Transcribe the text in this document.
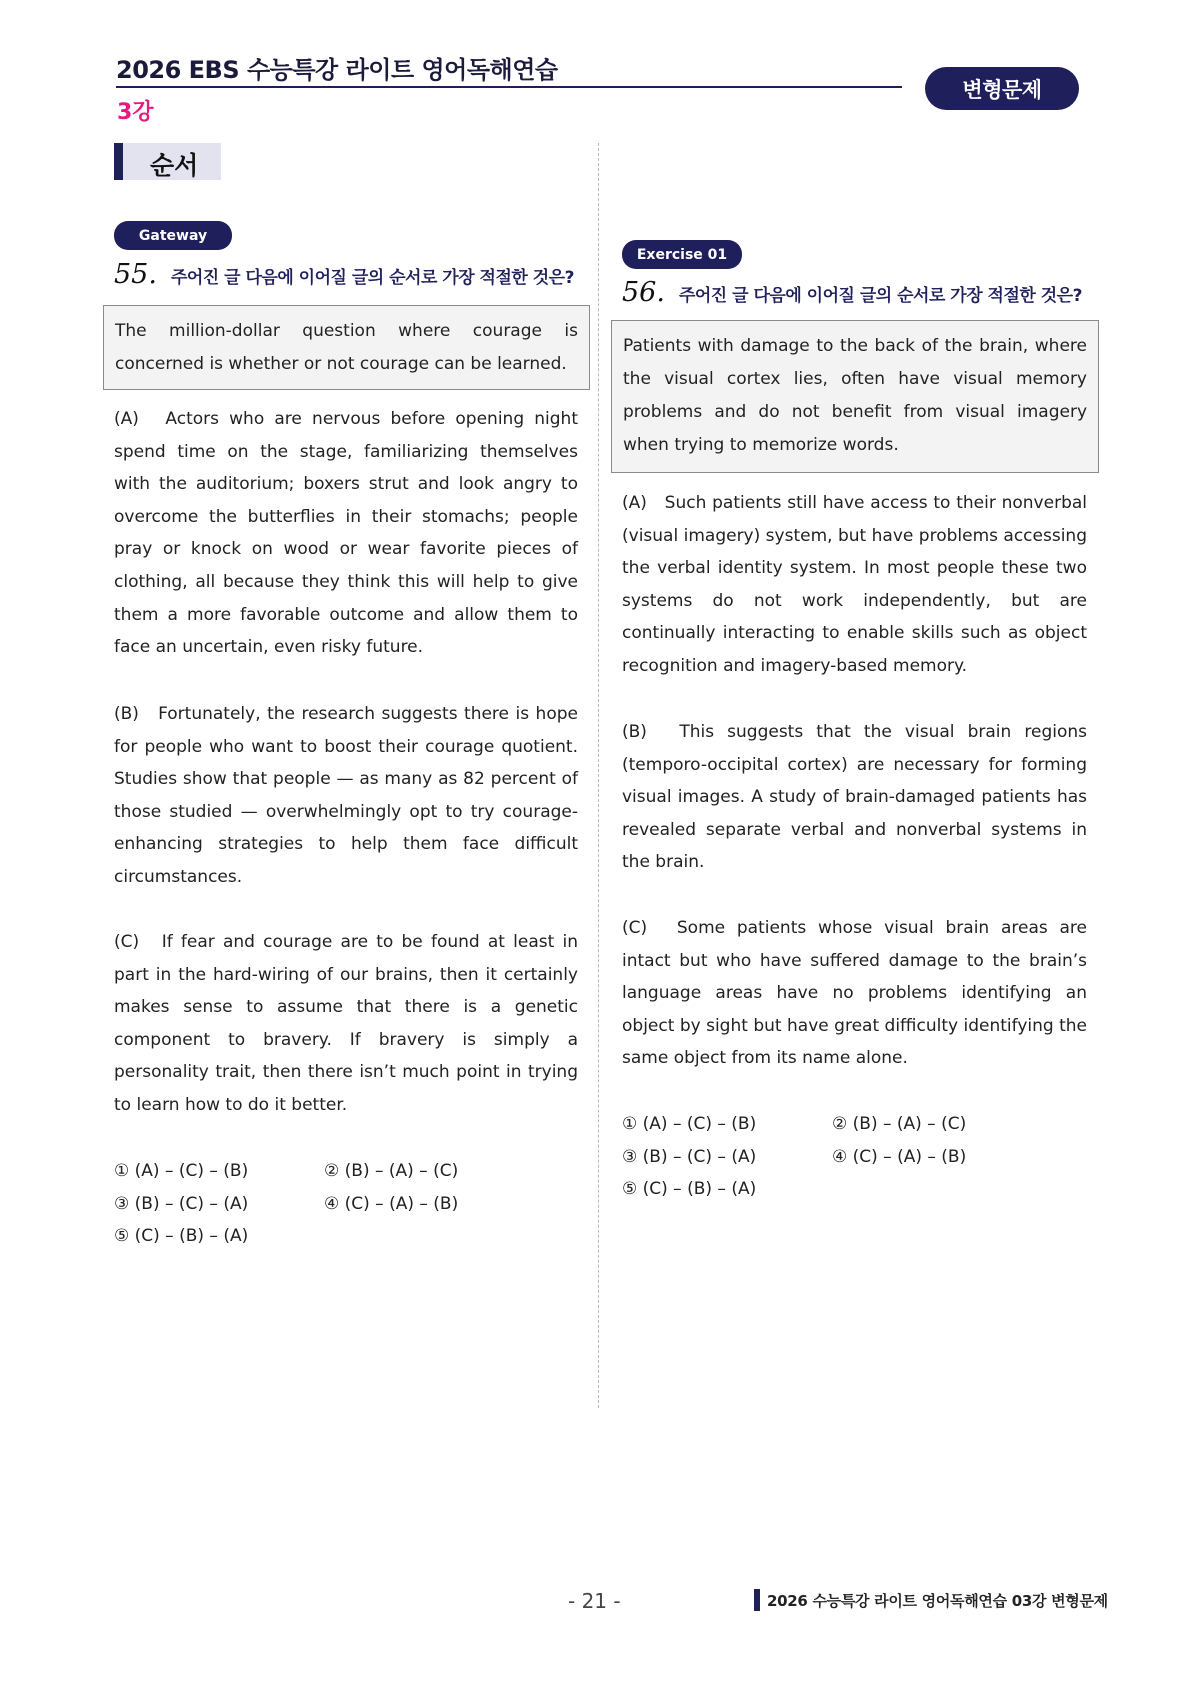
2026 EBS 수능특강 라이트 영어독해연습
3강
변형문제
순서
Gateway
55. 주어진 글 다음에 이어질 글의 순서로 가장 적절한 것은?
The million-dollar question where courage is concerned is whether or not courage can be learned.
(A)　Actors who are nervous before opening night spend time on the stage, familiarizing themselves with the auditorium; boxers strut and look angry to overcome the butterflies in their stomachs; people pray or knock on wood or wear favorite pieces of clothing, all because they think this will help to give them a more favorable outcome and allow them to face an uncertain, even risky future.
(B)　Fortunately, the research suggests there is hope for people who want to boost their courage quotient. Studies show that people — as many as 82 percent of those studied — overwhelmingly opt to try courage-enhancing strategies to help them face difficult circumstances.
(C)　If fear and courage are to be found at least in part in the hard-wiring of our brains, then it certainly makes sense to assume that there is a genetic component to bravery. If bravery is simply a personality trait, then there isn’t much point in trying to learn how to do it better.
① (A) – (C) – (B)	② (B) – (A) – (C)
③ (B) – (C) – (A)	④ (C) – (A) – (B)
⑤ (C) – (B) – (A)
Exercise 01
56. 주어진 글 다음에 이어질 글의 순서로 가장 적절한 것은?
Patients with damage to the back of the brain, where the visual cortex lies, often have visual memory problems and do not benefit from visual imagery when trying to memorize words.
(A)　Such patients still have access to their nonverbal (visual imagery) system, but have problems accessing the verbal identity system. In most people these two systems do not work independently, but are continually interacting to enable skills such as object recognition and imagery-based memory.
(B)　This suggests that the visual brain regions (temporo-occipital cortex) are necessary for forming visual images. A study of brain-damaged patients has revealed separate verbal and nonverbal systems in the brain.
(C)　Some patients whose visual brain areas are intact but who have suffered damage to the brain’s language areas have no problems identifying an object by sight but have great difficulty identifying the same object from its name alone.
① (A) – (C) – (B)	② (B) – (A) – (C)
③ (B) – (C) – (A)	④ (C) – (A) – (B)
⑤ (C) – (B) – (A)
- 21 -	2026 수능특강 라이트 영어독해연습 03강 변형문제
